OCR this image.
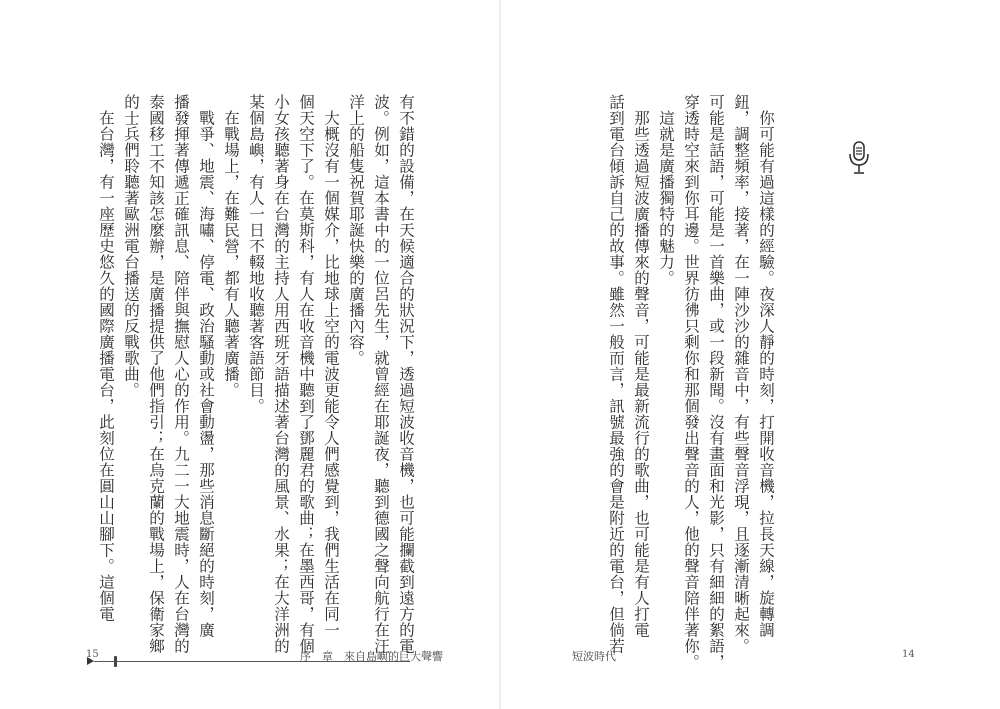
有不錯的設備，在天候適合的狀況下，透過短波收音機，也可能攔截到遠方的電
波。例如，這本書中的一位呂先生，就曾經在耶誕夜，聽到德國之聲向航行在汪
洋上的船隻祝賀耶誕快樂的廣播內容。
　大概沒有一個媒介，比地球上空的電波更能令人們感覺到，我們生活在同一
個天空下了。在莫斯科，有人在收音機中聽到了鄧麗君的歌曲；在墨西哥，有個
小女孩聽著身在台灣的主持人用西班牙語描述著台灣的風景、水果；在大洋洲的
某個島嶼，有人一日不輟地收聽著客語節目。
　在戰場上，在難民營，都有人聽著廣播。
　戰爭、地震、海嘯、停電、政治騷動或社會動盪，那些消息斷絕的時刻，廣
播發揮著傳遞正確訊息、陪伴與撫慰人心的作用。九二一大地震時，人在台灣的
泰國移工不知該怎麼辦，是廣播提供了他們指引；在烏克蘭的戰場上，保衛家鄉
的士兵們聆聽著歐洲電台播送的反戰歌曲。
　在台灣，有一座歷史悠久的國際廣播電台，此刻位在圓山山腳下。這個電
15	序　章　來自島嶼的巨大聲響
　你可能有過這樣的經驗。夜深人靜的時刻，打開收音機，拉長天線，旋轉調
鈕，調整頻率，接著，在一陣沙沙的雜音中，有些聲音浮現，且逐漸清晰起來。
可能是話語，可能是一首樂曲，或一段新聞。沒有畫面和光影，只有細細的絮語，
穿透時空來到你耳邊。世界彷彿只剩你和那個發出聲音的人，他的聲音陪伴著你。
　這就是廣播獨特的魅力。
　那些透過短波廣播傳來的聲音，可能是最新流行的歌曲，也可能是有人打電
話到電台傾訴自己的故事。雖然一般而言，訊號最強的會是附近的電台，但倘若
短波時代	14
